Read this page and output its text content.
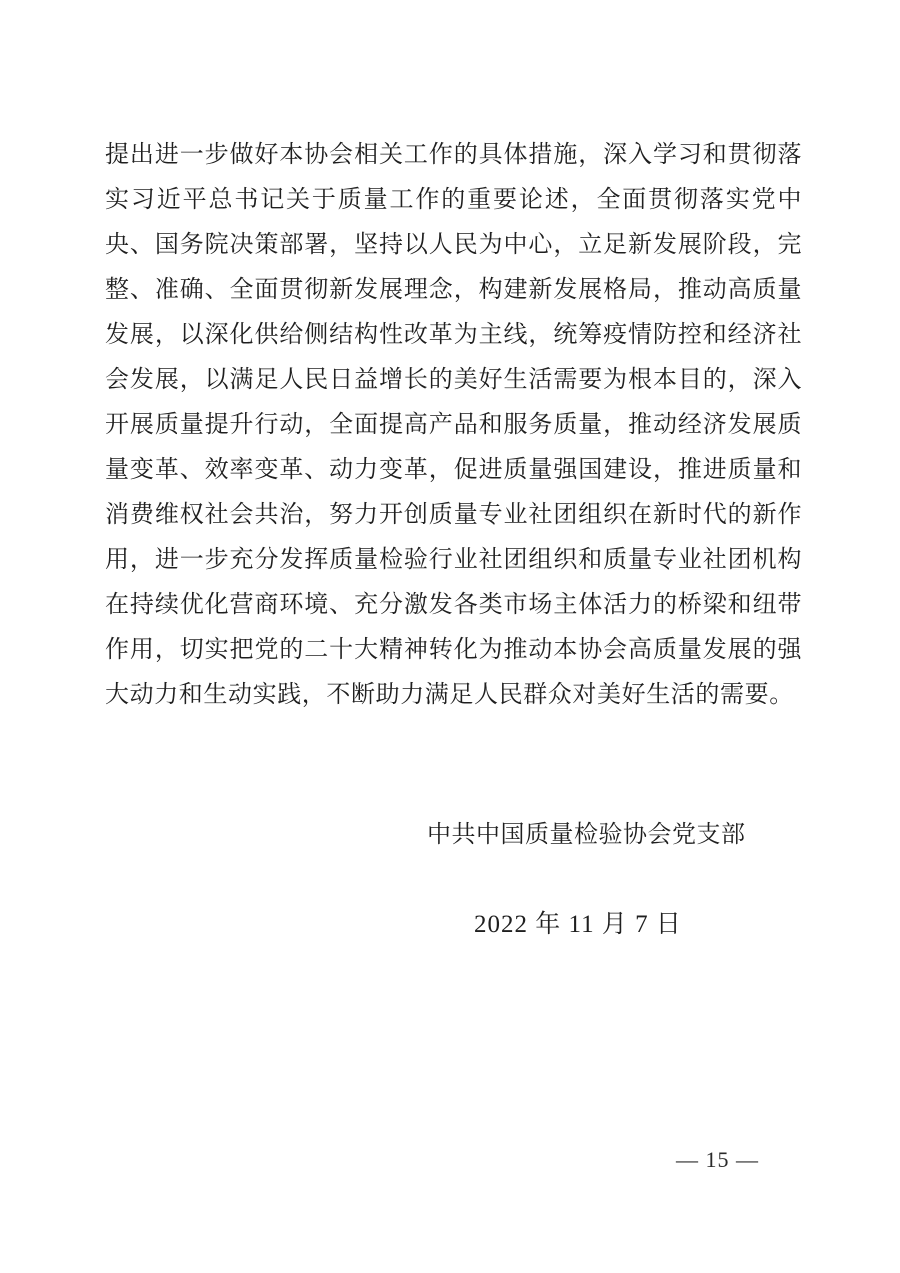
提出进一步做好本协会相关工作的具体措施，深入学习和贯彻落
实习近平总书记关于质量工作的重要论述，全面贯彻落实党中
央、国务院决策部署，坚持以人民为中心，立足新发展阶段，完
整、准确、全面贯彻新发展理念，构建新发展格局，推动高质量
发展，以深化供给侧结构性改革为主线，统筹疫情防控和经济社
会发展，以满足人民日益增长的美好生活需要为根本目的，深入
开展质量提升行动，全面提高产品和服务质量，推动经济发展质
量变革、效率变革、动力变革，促进质量强国建设，推进质量和
消费维权社会共治，努力开创质量专业社团组织在新时代的新作
用，进一步充分发挥质量检验行业社团组织和质量专业社团机构
在持续优化营商环境、充分激发各类市场主体活力的桥梁和纽带
作用，切实把党的二十大精神转化为推动本协会高质量发展的强
大动力和生动实践，不断助力满足人民群众对美好生活的需要。
中共中国质量检验协会党支部
2022 年 11 月 7 日
— 15 —
